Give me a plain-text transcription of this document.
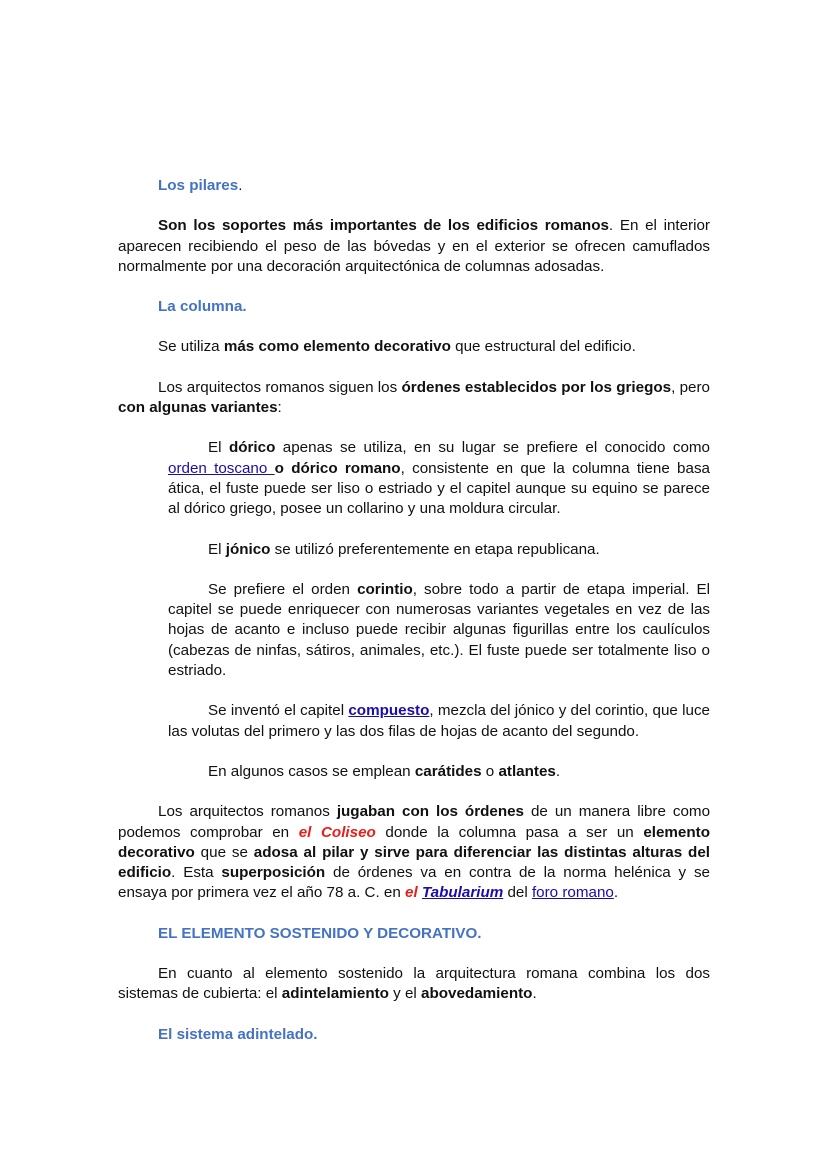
Los pilares.

Son los soportes más importantes de los edificios romanos. En el interior aparecen recibiendo el peso de las bóvedas y en el exterior se ofrecen camuflados normalmente por una decoración arquitectónica de columnas adosadas.

La columna.

Se utiliza más como elemento decorativo que estructural del edificio.

Los arquitectos romanos siguen los órdenes establecidos por los griegos, pero con algunas variantes:

El dórico apenas se utiliza, en su lugar se prefiere el conocido como orden toscano o dórico romano, consistente en que la columna tiene basa ática, el fuste puede ser liso o estriado y el capitel aunque su equino se parece al dórico griego, posee un collarino y una moldura circular.

El jónico se utilizó preferentemente en etapa republicana.

Se prefiere el orden corintio, sobre todo a partir de etapa imperial. El capitel se puede enriquecer con numerosas variantes vegetales en vez de las hojas de acanto e incluso puede recibir algunas figurillas entre los caulículos (cabezas de ninfas, sátiros, animales, etc.). El fuste puede ser totalmente liso o estriado.

Se inventó el capitel compuesto, mezcla del jónico y del corintio, que luce las volutas del primero y las dos filas de hojas de acanto del segundo.

En algunos casos se emplean carátides o atlantes.

Los arquitectos romanos jugaban con los órdenes de un manera libre como podemos comprobar en el Coliseo donde la columna pasa a ser un elemento decorativo que se adosa al pilar y sirve para diferenciar las distintas alturas del edificio. Esta superposición de órdenes va en contra de la norma helénica y se ensaya por primera vez el año 78 a. C. en el Tabularium del foro romano.

EL ELEMENTO SOSTENIDO Y DECORATIVO.

En cuanto al elemento sostenido la arquitectura romana combina los dos sistemas de cubierta: el adintelamiento y el abovedamiento.

El sistema adintelado.
